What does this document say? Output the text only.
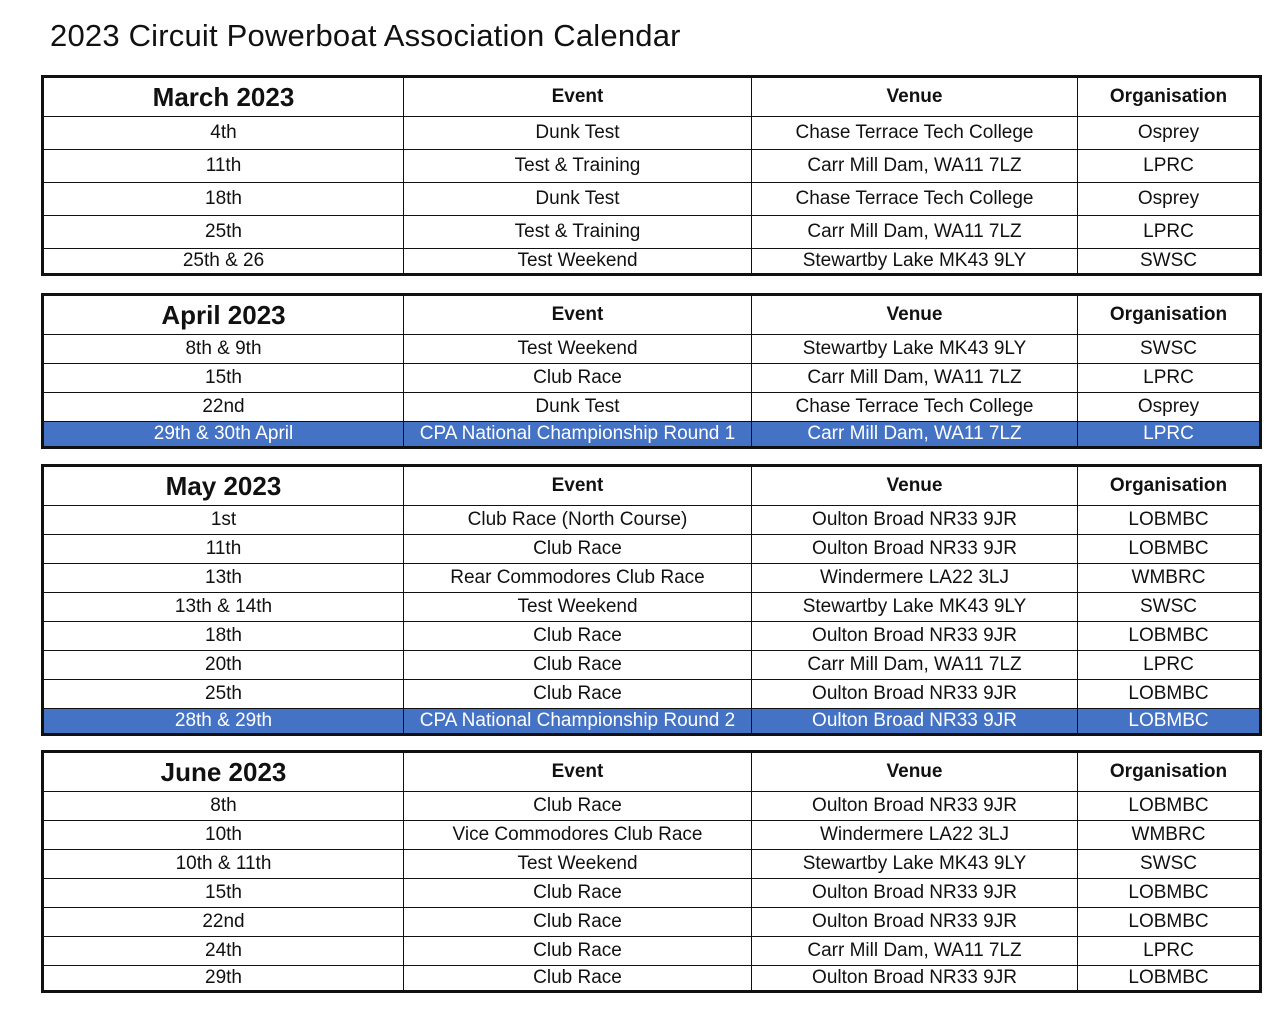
2023 Circuit Powerboat Association Calendar
March 2023	Event	Venue	Organisation
4th	Dunk Test	Chase Terrace Tech College	Osprey
11th	Test & Training	Carr Mill Dam, WA11 7LZ	LPRC
18th	Dunk Test	Chase Terrace Tech College	Osprey
25th	Test & Training	Carr Mill Dam, WA11 7LZ	LPRC
25th & 26	Test Weekend	Stewartby Lake MK43 9LY	SWSC
April 2023	Event	Venue	Organisation
8th & 9th	Test Weekend	Stewartby Lake MK43 9LY	SWSC
15th	Club Race	Carr Mill Dam, WA11 7LZ	LPRC
22nd	Dunk Test	Chase Terrace Tech College	Osprey
29th & 30th April	CPA National Championship Round 1	Carr Mill Dam, WA11 7LZ	LPRC
May 2023	Event	Venue	Organisation
1st	Club Race (North Course)	Oulton Broad NR33 9JR	LOBMBC
11th	Club Race	Oulton Broad NR33 9JR	LOBMBC
13th	Rear Commodores Club Race	Windermere LA22 3LJ	WMBRC
13th & 14th	Test Weekend	Stewartby Lake MK43 9LY	SWSC
18th	Club Race	Oulton Broad NR33 9JR	LOBMBC
20th	Club Race	Carr Mill Dam, WA11 7LZ	LPRC
25th	Club Race	Oulton Broad NR33 9JR	LOBMBC
28th & 29th	CPA National Championship Round 2	Oulton Broad NR33 9JR	LOBMBC
June 2023	Event	Venue	Organisation
8th	Club Race	Oulton Broad NR33 9JR	LOBMBC
10th	Vice Commodores Club Race	Windermere LA22 3LJ	WMBRC
10th & 11th	Test Weekend	Stewartby Lake MK43 9LY	SWSC
15th	Club Race	Oulton Broad NR33 9JR	LOBMBC
22nd	Club Race	Oulton Broad NR33 9JR	LOBMBC
24th	Club Race	Carr Mill Dam, WA11 7LZ	LPRC
29th	Club Race	Oulton Broad NR33 9JR	LOBMBC
